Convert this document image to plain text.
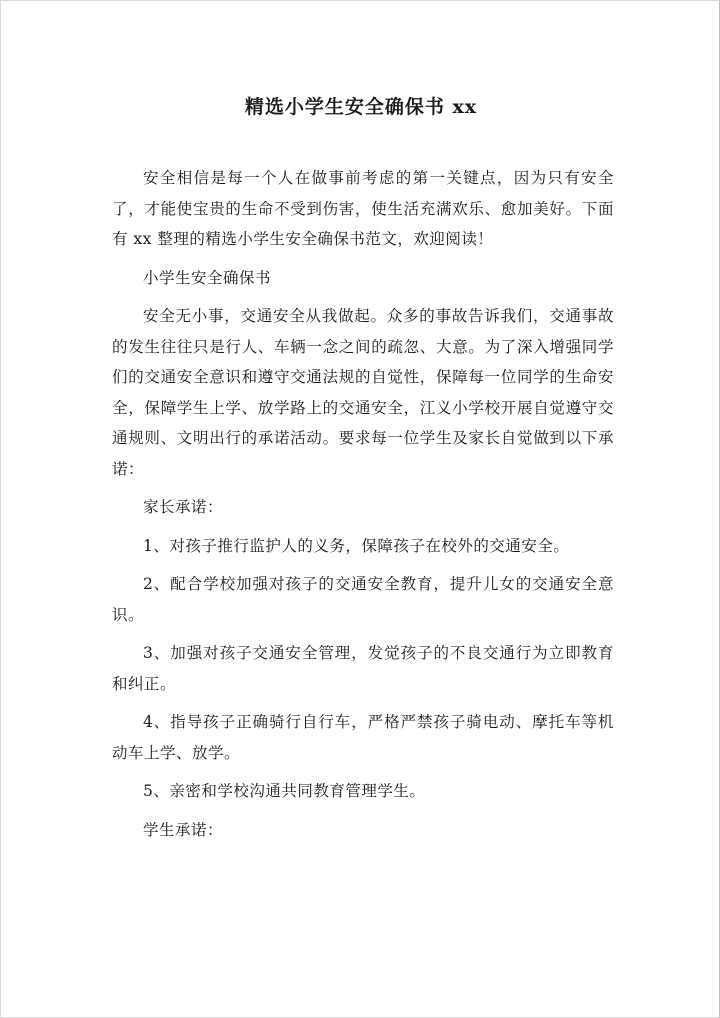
精选小学生安全确保书 xx

安全相信是每一个人在做事前考虑的第一关键点，因为只有安全了，才能使宝贵的生命不受到伤害，使生活充满欢乐、愈加美好。下面有 xx 整理的精选小学生安全确保书范文，欢迎阅读！

小学生安全确保书

安全无小事，交通安全从我做起。众多的事故告诉我们，交通事故的发生往往只是行人、车辆一念之间的疏忽、大意。为了深入增强同学们的交通安全意识和遵守交通法规的自觉性，保障每一位同学的生命安全，保障学生上学、放学路上的交通安全，江义小学校开展自觉遵守交通规则、文明出行的承诺活动。要求每一位学生及家长自觉做到以下承诺：

家长承诺：

1、对孩子推行监护人的义务，保障孩子在校外的交通安全。

2、配合学校加强对孩子的交通安全教育，提升儿女的交通安全意识。

3、加强对孩子交通安全管理，发觉孩子的不良交通行为立即教育和纠正。

4、指导孩子正确骑行自行车，严格严禁孩子骑电动、摩托车等机动车上学、放学。

5、亲密和学校沟通共同教育管理学生。

学生承诺：
